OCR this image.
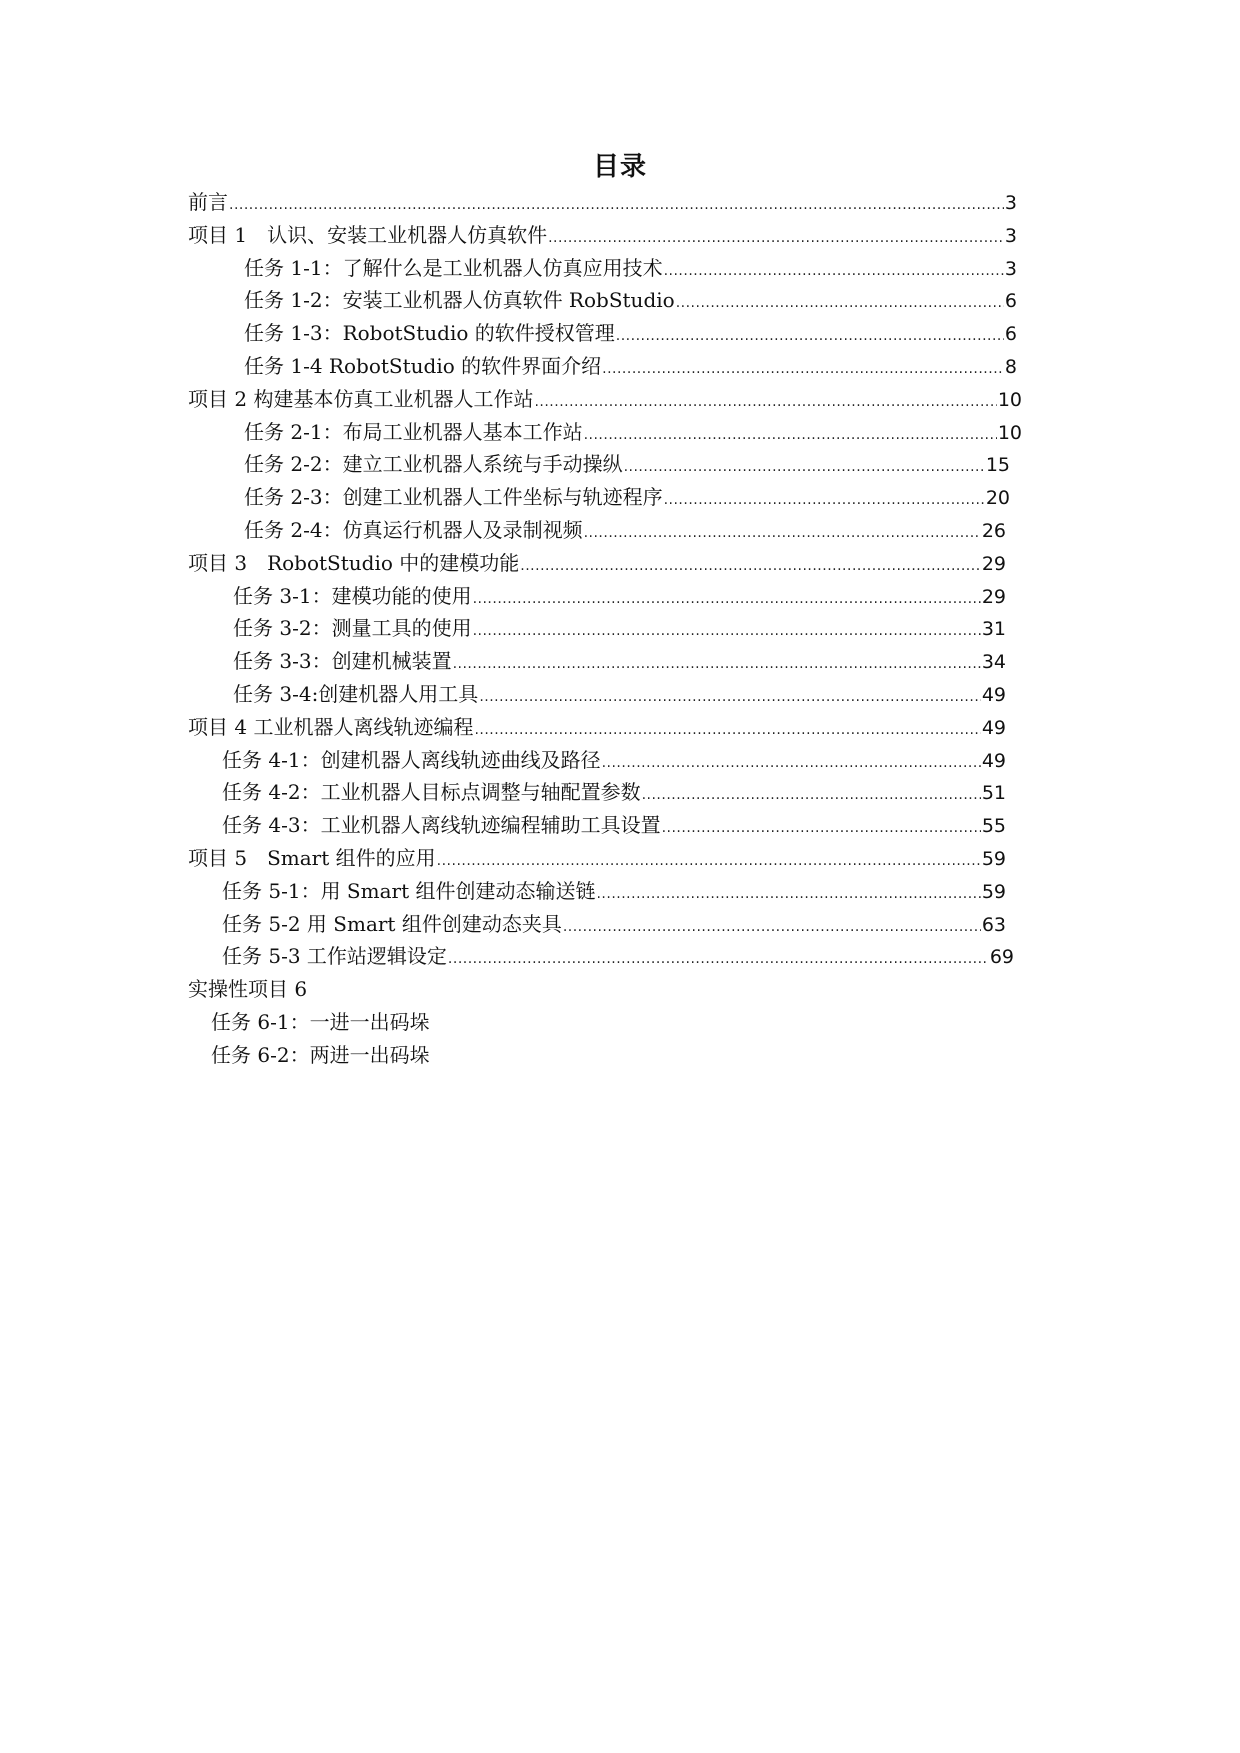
目录
前言 .....	3
项目 1　认识、安装工业机器人仿真软件 .....	3
任务 1-1：了解什么是工业机器人仿真应用技术 .....	3
任务 1-2：安装工业机器人仿真软件 RobStudio .....	6
任务 1-3：RobotStudio 的软件授权管理 .....	6
任务 1-4 RobotStudio 的软件界面介绍 .....	8
项目 2 构建基本仿真工业机器人工作站 .....	10
任务 2-1：布局工业机器人基本工作站 .....	10
任务 2-2：建立工业机器人系统与手动操纵 .....	15
任务 2-3：创建工业机器人工件坐标与轨迹程序 .....	20
任务 2-4：仿真运行机器人及录制视频 .....	26
项目 3　RobotStudio 中的建模功能 .....	29
任务 3-1：建模功能的使用 .....	29
任务 3-2：测量工具的使用 .....	31
任务 3-3：创建机械装置 .....	34
任务 3-4:创建机器人用工具 .....	49
项目 4 工业机器人离线轨迹编程 .....	49
任务 4-1：创建机器人离线轨迹曲线及路径 .....	49
任务 4-2：工业机器人目标点调整与轴配置参数 .....	51
任务 4-3：工业机器人离线轨迹编程辅助工具设置 .....	55
项目 5　Smart 组件的应用 .....	59
任务 5-1：用 Smart 组件创建动态输送链 .....	59
任务 5-2 用 Smart 组件创建动态夹具 .....	63
任务 5-3 工作站逻辑设定 .....	69
实操性项目 6
任务 6-1：一进一出码垛
任务 6-2：两进一出码垛
